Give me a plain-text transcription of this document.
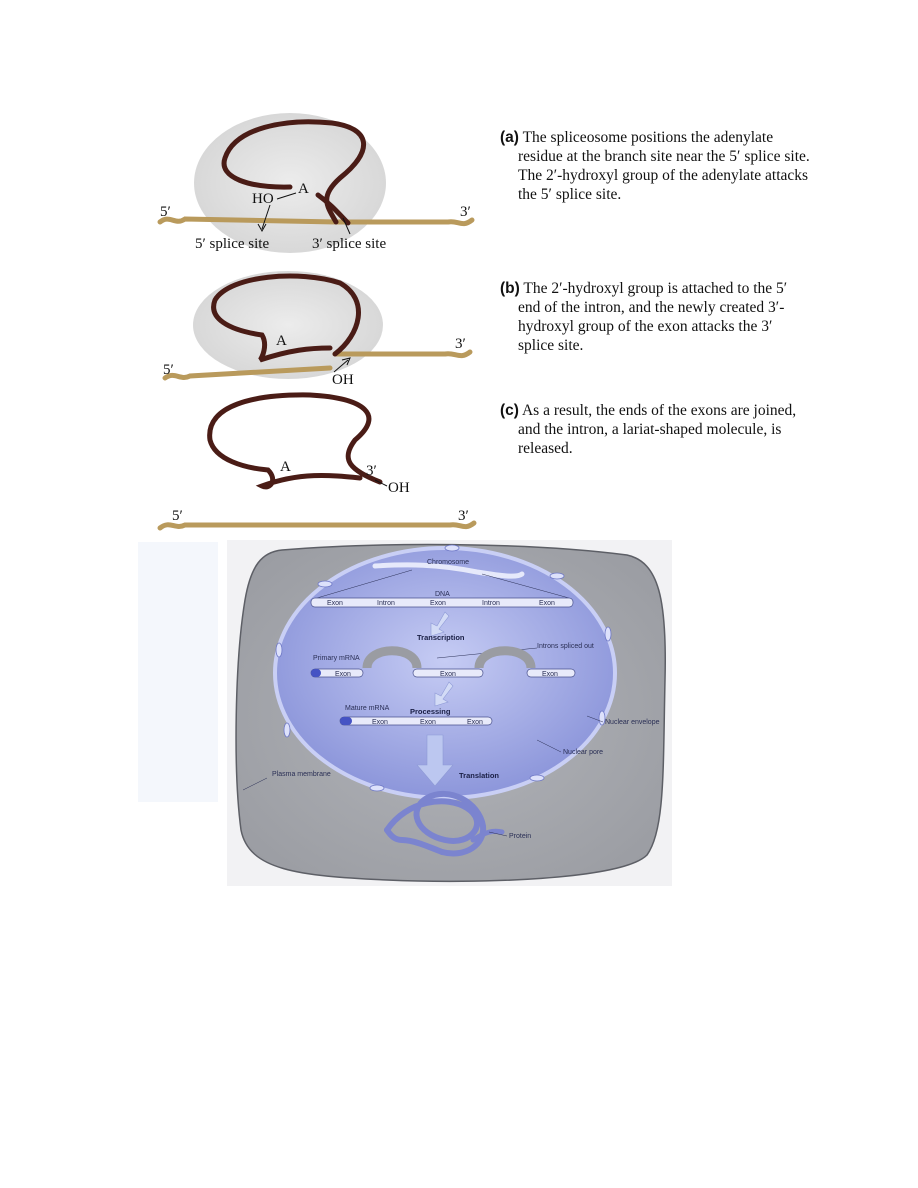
HO
A
5′	3′
5′ splice site	3′ splice site
A
5′
3′
OH
A	3′
OH
5′	3′

(a) The spliceosome positions the adenylate residue at the branch site near the 5′ splice site. The 2′-hydroxyl group of the adenylate attacks the 5′ splice site.

(b) The 2′-hydroxyl group is attached to the 5′ end of the intron, and the newly created 3′-hydroxyl group of the exon attacks the 3′ splice site.

(c) As a result, the ends of the exons are joined, and the intron, a lariat-shaped molecule, is released.

Chromosome
DNA
Exon	Intron	Exon	Intron	Exon
Transcription
Primary mRNA
Introns spliced out
Exon	Exon	Exon
Mature mRNA	Processing
Exon	Exon	Exon	Nuclear envelope
Nuclear pore
Translation
Plasma membrane
Protein
